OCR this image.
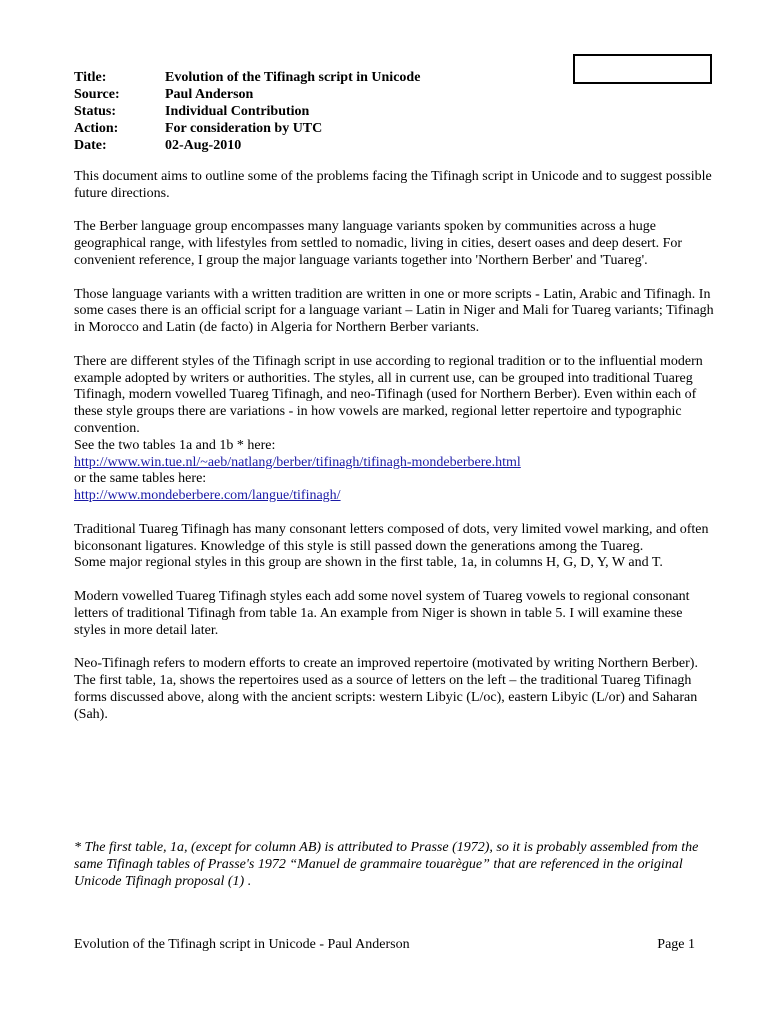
Title:	Evolution of the Tifinagh script in Unicode
Source:	Paul Anderson
Status:	Individual Contribution
Action:	For consideration by UTC
Date:	02-Aug-2010

This document aims to outline some of the problems facing the Tifinagh script in Unicode and to suggest possible future directions.

The Berber language group encompasses many language variants spoken by communities across a huge geographical range, with lifestyles from settled to nomadic, living in cities, desert oases and deep desert. For convenient reference, I group the major language variants together into 'Northern Berber' and 'Tuareg'.

Those language variants with a written tradition are written in one or more scripts - Latin, Arabic and Tifinagh. In some cases there is an official script for a language variant – Latin in Niger and Mali for Tuareg variants; Tifinagh in Morocco and Latin (de facto) in Algeria for Northern Berber variants.

There are different styles of the Tifinagh script in use according to regional tradition or to the influential modern example adopted by writers or authorities. The styles, all in current use, can be grouped into traditional Tuareg Tifinagh, modern vowelled Tuareg Tifinagh, and neo-Tifinagh (used for Northern Berber). Even within each of these style groups there are variations - in how vowels are marked, regional letter repertoire and typographic convention.
See the two tables 1a and 1b * here:
http://www.win.tue.nl/~aeb/natlang/berber/tifinagh/tifinagh-mondeberbere.html
or the same tables here:
http://www.mondeberbere.com/langue/tifinagh/

Traditional Tuareg Tifinagh has many consonant letters composed of dots, very limited vowel marking, and often biconsonant ligatures. Knowledge of this style is still passed down the generations among the Tuareg.
Some major regional styles in this group are shown in the first table, 1a, in columns H, G, D, Y, W and T.

Modern vowelled Tuareg Tifinagh styles each add some novel system of Tuareg vowels to regional consonant letters of traditional Tifinagh from table 1a. An example from Niger is shown in table 5. I will examine these styles in more detail later.

Neo-Tifinagh refers to modern efforts to create an improved repertoire (motivated by writing Northern Berber). The first table, 1a, shows the repertoires used as a source of letters on the left – the traditional Tuareg Tifinagh forms discussed above, along with the ancient scripts: western Libyic (L/oc), eastern Libyic (L/or) and Saharan (Sah).

* The first table, 1a, (except for column AB) is attributed to Prasse (1972), so it is probably assembled from the same Tifinagh tables of Prasse's 1972 “Manuel de grammaire touarègue” that are referenced in the original Unicode Tifinagh proposal (1) .
Evolution of the Tifinagh script in Unicode - Paul Anderson	Page 1
